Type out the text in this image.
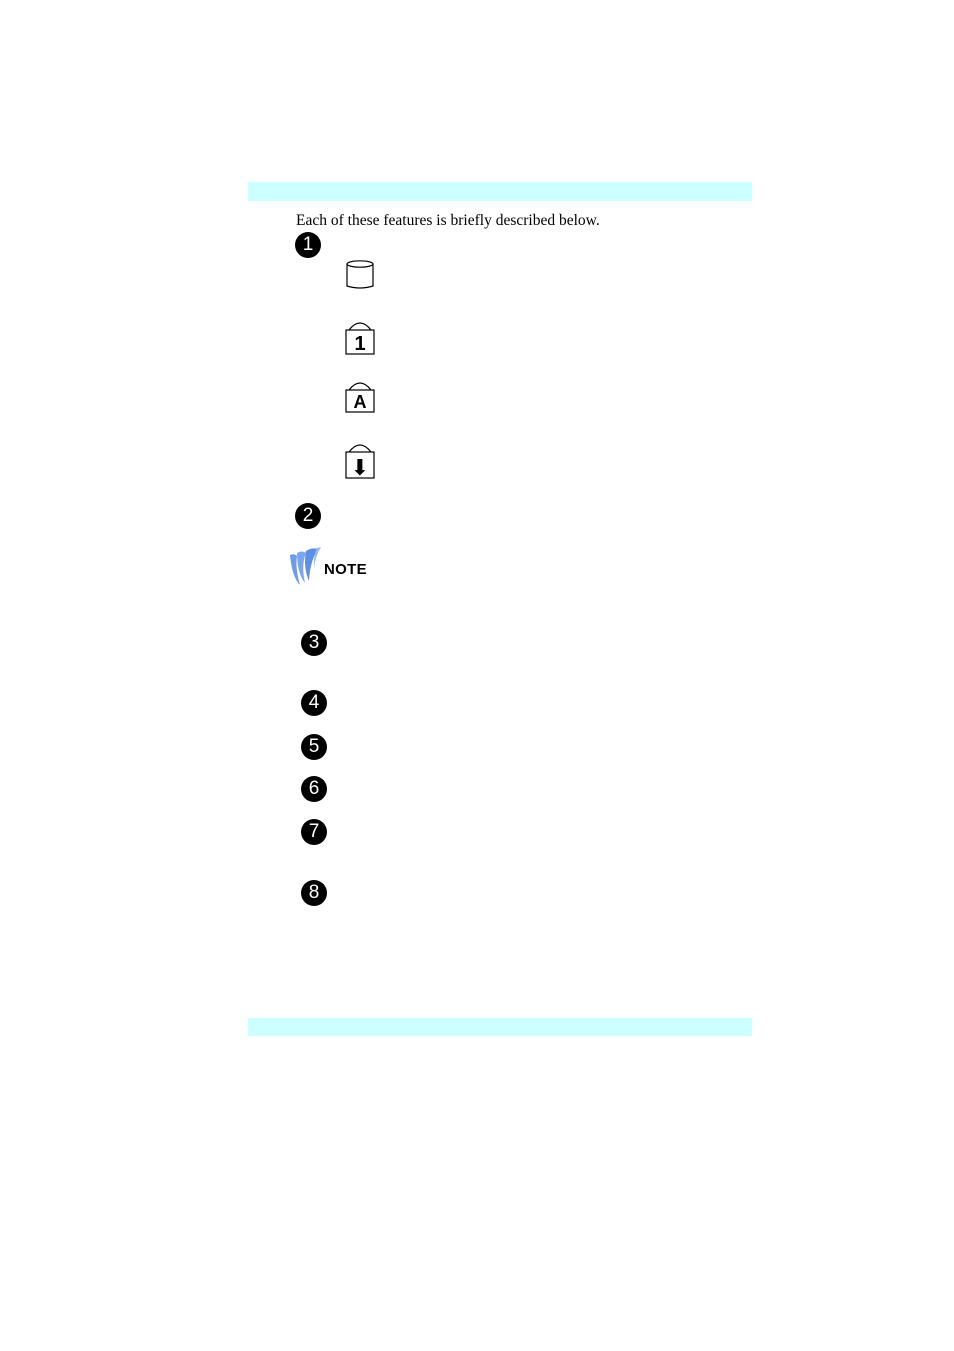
Each of these features is briefly described below.
1
1
A
⬇
2
NOTE
3
4
5
6
7
8
